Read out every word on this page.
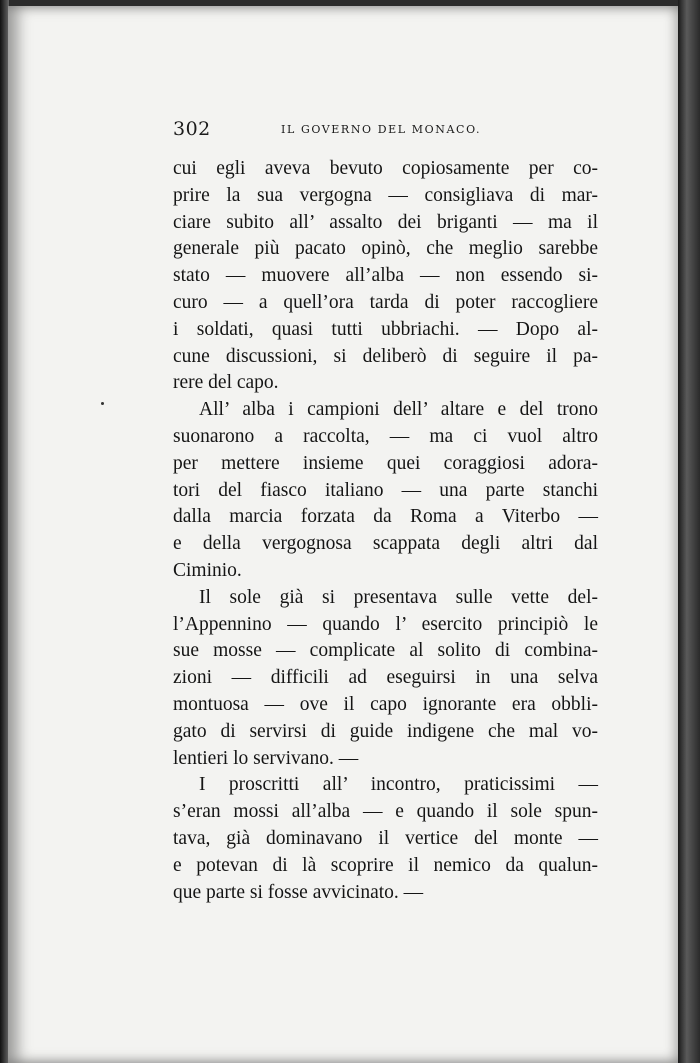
302	IL GOVERNO DEL MONACO.
cui egli aveva bevuto copiosamente per co-
prire la sua vergogna — consigliava di mar-
ciare subito all’ assalto dei briganti — ma il
generale più pacato opinò, che meglio sarebbe
stato — muovere all’alba — non essendo si-
curo — a quell’ora tarda di poter raccogliere
i soldati, quasi tutti ubbriachi. — Dopo al-
cune discussioni, si deliberò di seguire il pa-
rere del capo.
All’ alba i campioni dell’ altare e del trono
suonarono a raccolta, — ma ci vuol altro
per mettere insieme quei coraggiosi adora-
tori del fiasco italiano — una parte stanchi
dalla marcia forzata da Roma a Viterbo —
e della vergognosa scappata degli altri dal
Ciminio.
Il sole già si presentava sulle vette del-
l’Appennino — quando l’ esercito principiò le
sue mosse — complicate al solito di combina-
zioni — difficili ad eseguirsi in una selva
montuosa — ove il capo ignorante era obbli-
gato di servirsi di guide indigene che mal vo-
lentieri lo servivano. —
I proscritti all’ incontro, praticissimi —
s’eran mossi all’alba — e quando il sole spun-
tava, già dominavano il vertice del monte —
e potevan di là scoprire il nemico da qualun-
que parte si fosse avvicinato. —
